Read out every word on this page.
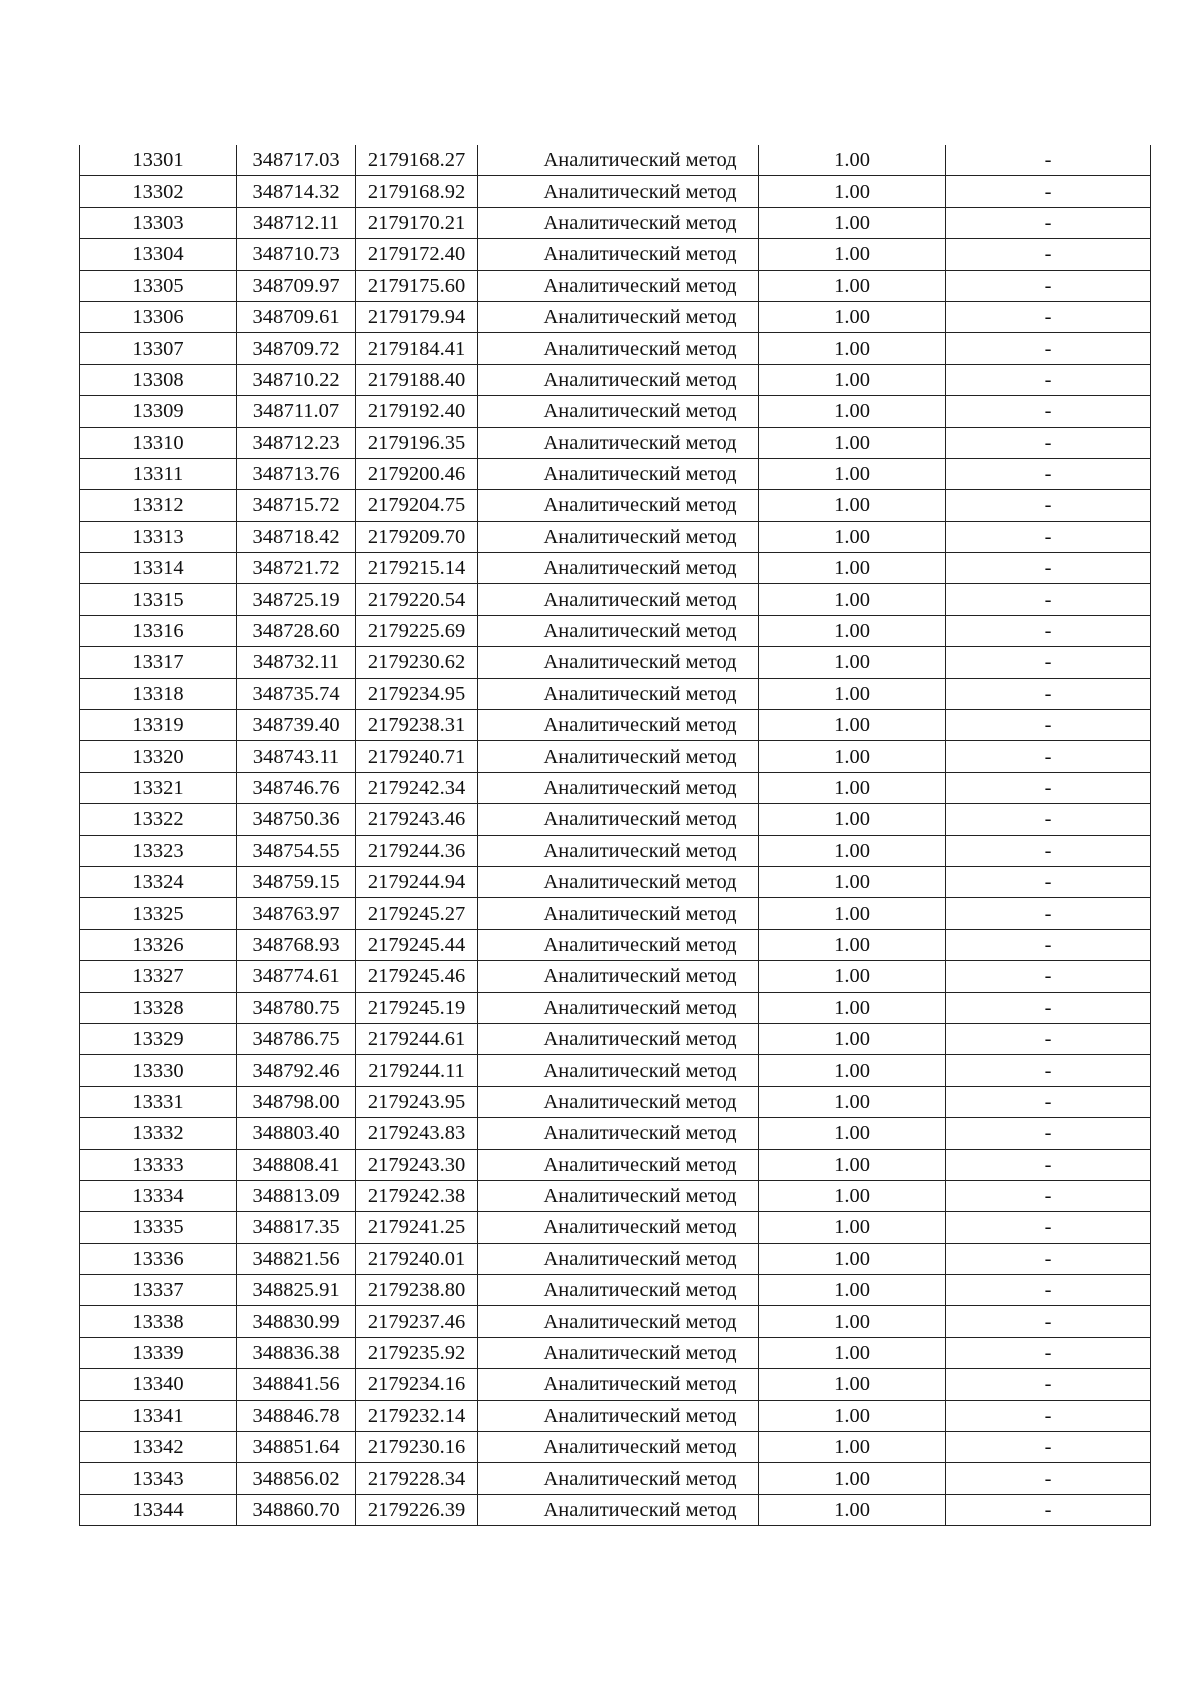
13301	348717.03	2179168.27	Аналитический метод	1.00	-
13302	348714.32	2179168.92	Аналитический метод	1.00	-
13303	348712.11	2179170.21	Аналитический метод	1.00	-
13304	348710.73	2179172.40	Аналитический метод	1.00	-
13305	348709.97	2179175.60	Аналитический метод	1.00	-
13306	348709.61	2179179.94	Аналитический метод	1.00	-
13307	348709.72	2179184.41	Аналитический метод	1.00	-
13308	348710.22	2179188.40	Аналитический метод	1.00	-
13309	348711.07	2179192.40	Аналитический метод	1.00	-
13310	348712.23	2179196.35	Аналитический метод	1.00	-
13311	348713.76	2179200.46	Аналитический метод	1.00	-
13312	348715.72	2179204.75	Аналитический метод	1.00	-
13313	348718.42	2179209.70	Аналитический метод	1.00	-
13314	348721.72	2179215.14	Аналитический метод	1.00	-
13315	348725.19	2179220.54	Аналитический метод	1.00	-
13316	348728.60	2179225.69	Аналитический метод	1.00	-
13317	348732.11	2179230.62	Аналитический метод	1.00	-
13318	348735.74	2179234.95	Аналитический метод	1.00	-
13319	348739.40	2179238.31	Аналитический метод	1.00	-
13320	348743.11	2179240.71	Аналитический метод	1.00	-
13321	348746.76	2179242.34	Аналитический метод	1.00	-
13322	348750.36	2179243.46	Аналитический метод	1.00	-
13323	348754.55	2179244.36	Аналитический метод	1.00	-
13324	348759.15	2179244.94	Аналитический метод	1.00	-
13325	348763.97	2179245.27	Аналитический метод	1.00	-
13326	348768.93	2179245.44	Аналитический метод	1.00	-
13327	348774.61	2179245.46	Аналитический метод	1.00	-
13328	348780.75	2179245.19	Аналитический метод	1.00	-
13329	348786.75	2179244.61	Аналитический метод	1.00	-
13330	348792.46	2179244.11	Аналитический метод	1.00	-
13331	348798.00	2179243.95	Аналитический метод	1.00	-
13332	348803.40	2179243.83	Аналитический метод	1.00	-
13333	348808.41	2179243.30	Аналитический метод	1.00	-
13334	348813.09	2179242.38	Аналитический метод	1.00	-
13335	348817.35	2179241.25	Аналитический метод	1.00	-
13336	348821.56	2179240.01	Аналитический метод	1.00	-
13337	348825.91	2179238.80	Аналитический метод	1.00	-
13338	348830.99	2179237.46	Аналитический метод	1.00	-
13339	348836.38	2179235.92	Аналитический метод	1.00	-
13340	348841.56	2179234.16	Аналитический метод	1.00	-
13341	348846.78	2179232.14	Аналитический метод	1.00	-
13342	348851.64	2179230.16	Аналитический метод	1.00	-
13343	348856.02	2179228.34	Аналитический метод	1.00	-
13344	348860.70	2179226.39	Аналитический метод	1.00	-
